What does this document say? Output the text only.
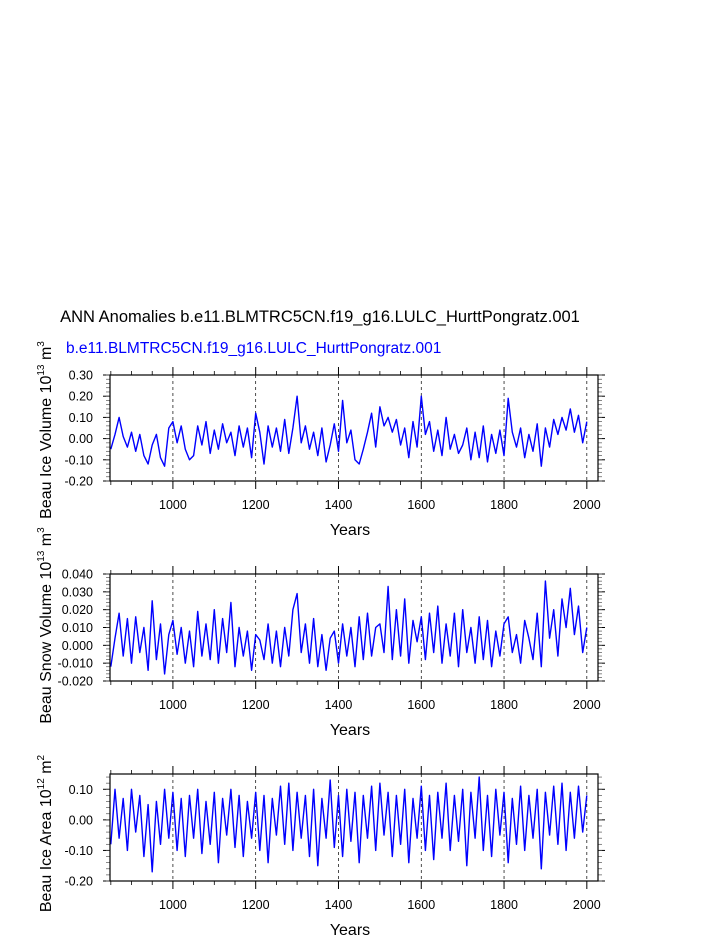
ANN Anomalies b.e11.BLMTRC5CN.f19_g16.LULC_HurttPongratz.001
b.e11.BLMTRC5CN.f19_g16.LULC_HurttPongratz.001
1000	1200	1400	1600	1800	2000
0.30
0.20
0.10
0.00
-0.10
-0.20
Years
Beau Ice Volume $10^{13}$ $m^3$
1000	1200	1400	1600	1800	2000
0.040
0.030
0.020
0.010
0.000
-0.010
-0.020
Years
Beau Snow Volume $10^{13}$ $m^3$
1000	1200	1400	1600	1800	2000
0.10
0.00
-0.10
-0.20
Years
Beau Ice Area $10^{12}$ $m^2$
